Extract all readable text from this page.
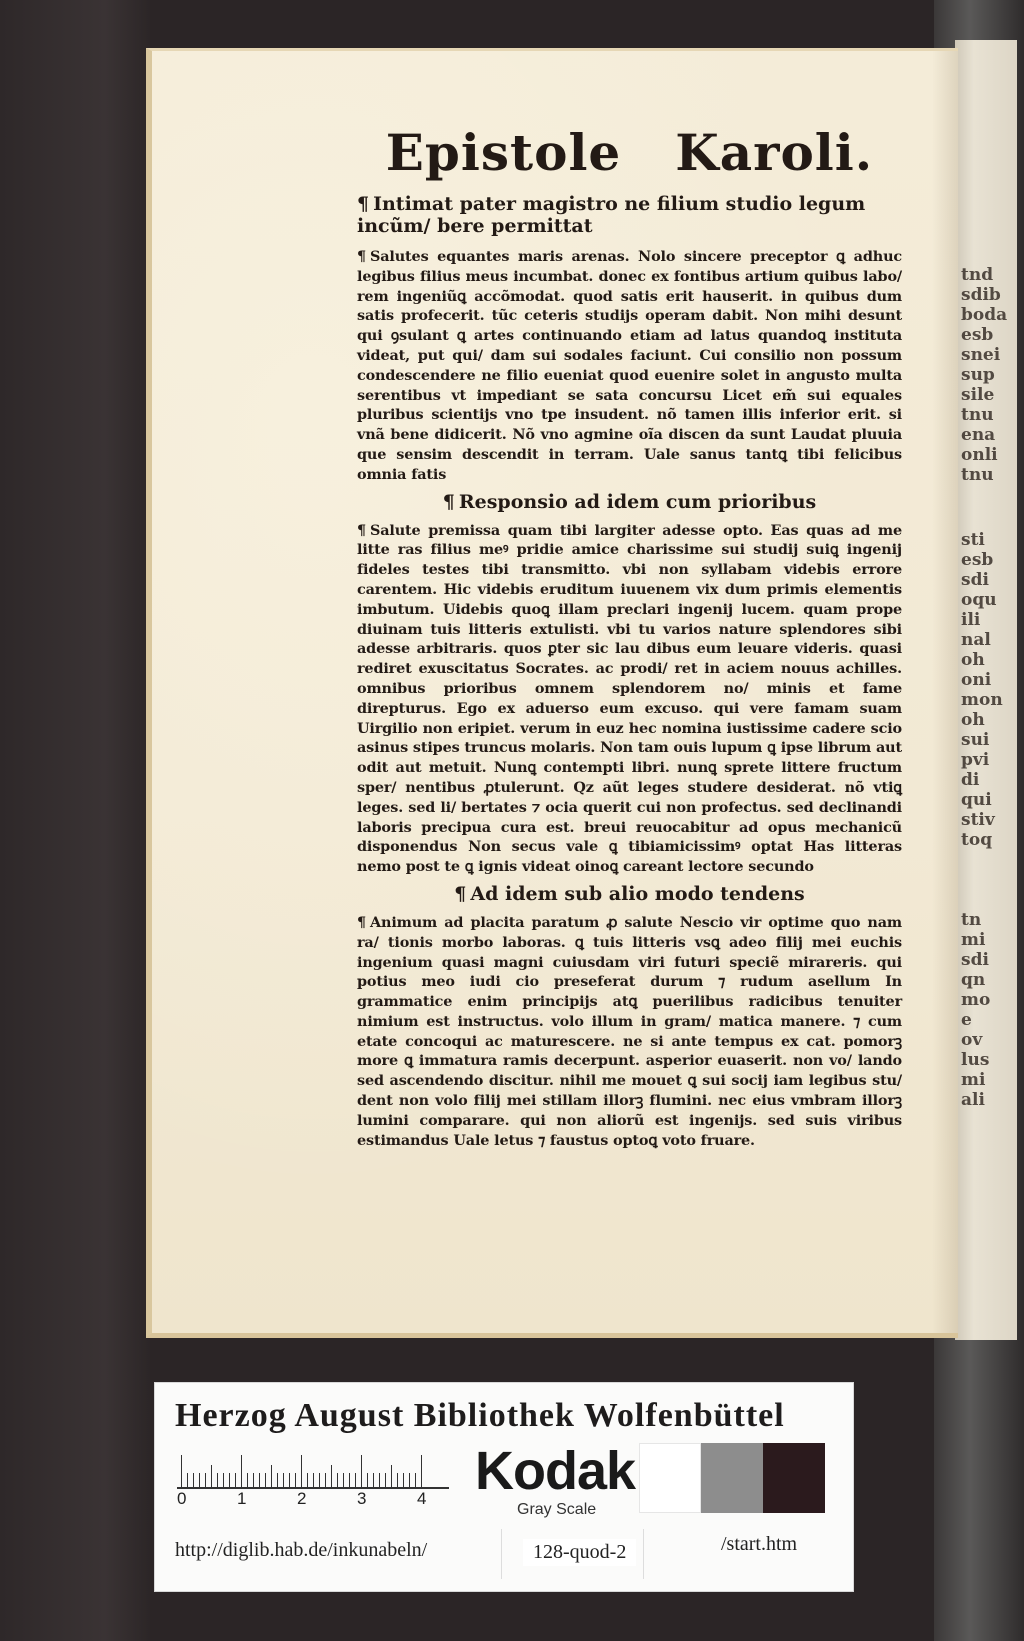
tnd
sdib
boda
esb
snei
sup
sile
tnu
ena
onli
tnu
sti
esb
sdi
oqu
ili
nal
oh
oni
mon
oh
sui
pvi
di
qui
stiv
toq
tn
mi
sdi
qn
mo
e
ov
lus
mi
ali
Epistole Karoli.

¶ Intimat pater magistro ne filium studio legum incũm/ bere permittat

¶ Salutes equantes maris arenas. Nolo sincere preceptor ꝗ adhuc legibus filius meus incumbat. donec ex fontibus artium quibus labo/ rem ingeniũꝗ accõmodat. quod satis erit hauserit. in quibus dum satis profecerit. tũc ceteris studijs operam dabit. Non mihi desunt qui ꝯsulant ꝗ artes continuando etiam ad latus quandoꝗ instituta videat, put qui/ dam sui sodales faciunt. Cui consilio non possum condescendere ne filio eueniat quod euenire solet in angusto multa serentibus vt impediant se sata concursu Licet em̃ sui equales pluribus scientijs vno tpe insudent. nõ tamen illis inferior erit. si vnã bene didicerit. Nõ vno agmine oĩa discen da sunt Laudat pluuia que sensim descendit in terram. Uale sanus tantꝗ tibi felicibus omnia fatis

¶ Responsio ad idem cum prioribus

¶ Salute premissa quam tibi largiter adesse opto. Eas quas ad me litte ras filius meꝰ pridie amice charissime sui studij suiꝗ ingenij fideles testes tibi transmitto. vbi non syllabam videbis errore carentem. Hic videbis eruditum iuuenem vix dum primis elementis imbutum. Uidebis quoꝗ illam preclari ingenij lucem. quam prope diuinam tuis litteris extulisti. vbi tu varios nature splendores sibi adesse arbitraris. quos ꝑter sic lau dibus eum leuare videris. quasi rediret exuscitatus Socrates. ac prodi/ ret in aciem nouus achilles. omnibus prioribus omnem splendorem no/ minis et fame direpturus. Ego ex aduerso eum excuso. qui vere famam suam Uirgilio non eripiet. verum in euz hec nomina iustissime cadere scio asinus stipes truncus molaris. Non tam ouis lupum ꝗ ipse librum aut odit aut metuit. Nunꝗ contempti libri. nunꝗ sprete littere fructum sper/ nentibus ꝓtulerunt. Qz aũt leges studere desiderat. nõ vtiꝗ leges. sed li/ bertates ⁊ ocia querit cui non profectus. sed declinandi laboris precipua cura est. breui reuocabitur ad opus mechanicũ disponendus Non secus vale ꝗ tibiamicissimꝰ optat Has litteras nemo post te ꝗ ignis videat oinoꝗ careant lectore secundo

¶ Ad idem sub alio modo tendens

¶ Animum ad placita paratum ꝓ salute Nescio vir optime quo nam ra/ tionis morbo laboras. ꝗ tuis litteris vsꝗ adeo filij mei euchis ingenium quasi magni cuiusdam viri futuri speciẽ mirareris. qui potius meo iudi cio preseferat durum ⁊ rudum asellum In grammatice enim principijs atꝗ puerilibus radicibus tenuiter nimium est instructus. volo illum in gram/ matica manere. ⁊ cum etate concoqui ac maturescere. ne si ante tempus ex cat. pomorꝫ more ꝗ immatura ramis decerpunt. asperior euaserit. non vo/ lando sed ascendendo discitur. nihil me mouet ꝗ sui socij iam legibus stu/ dent non volo filij mei stillam illorꝫ flumini. nec eius vmbram illorꝫ lumini comparare. qui non aliorũ est ingenijs. sed suis viribus estimandus Uale letus ⁊ faustus optoꝗ voto fruare.

Herzog August Bibliothek Wolfenbüttel
0	1	2	3	4 Kodak
Gray Scale
http://diglib.hab.de/inkunabeln/	128-quod-2	/start.htm
